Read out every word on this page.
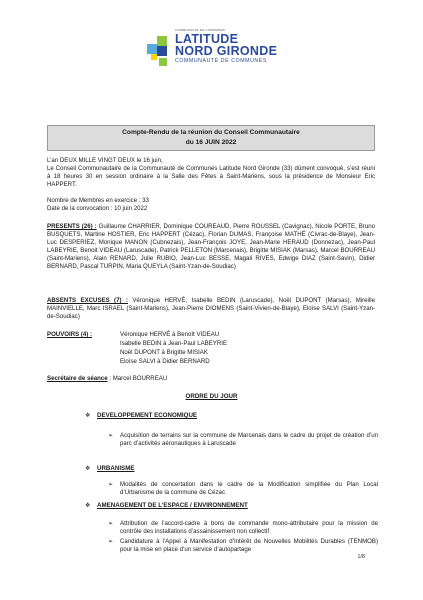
COMMUNAUTÉ DE COMMUNES
LATITUDE
NORD GIRONDE
COMMUNAUTÉ DE COMMUNES
Compte-Rendu de la réunion du Conseil Communautaire
du 16 JUIN 2022
L’an DEUX MILLE VINGT DEUX le 16 juin,
Le Conseil Communautaire de la Communauté de Communes Latitude Nord Gironde (33) dûment convoqué, s’est réuni à 18 heures 30 en session ordinaire à la Salle des Fêtes à Saint-Mariens, sous la présidence de Monsieur Eric HAPPERT.
Nombre de Membres en exercice : 33
Date de la convocation : 10 juin 2022
PRESENTS (26) : Guillaume CHARRIER, Dominique COUREAUD, Pierre ROUSSEL (Cavignac), Nicole PORTE, Bruno BUSQUETS, Martine HOSTIER, Eric HAPPERT (Cézac), Florian DUMAS, Françoise MATHÉ (Civrac-de-Blaye), Jean-Luc DESPERIEZ, Monique MANON (Cubnezais), Jean-François JOYE, Jean-Marie HERAUD (Donnezac), Jean-Paul LABEYRIE, Benoit VIDEAU (Laruscade), Patrick PELLETON (Marcenais), Brigitte MISIAK (Marsas), Marcel BOURREAU (Saint-Mariens), Alain RENARD, Julie RUBIO, Jean-Luc BESSE, Magali RIVES, Edwige DIAZ (Saint-Savin), Didier BERNARD, Pascal TURPIN, Maria QUEYLA (Saint-Yzan-de-Soudiac)
ABSENTS EXCUSES (7) : Véronique HERVÉ, Isabelle BEDIN (Laruscade), Noël DUPONT (Marsas), Mireille MAINVIELLE, Marc ISRAEL (Saint-Mariens), Jean-Pierre DIOMENS (Saint-Vivien-de-Blaye), Eloïse SALVI (Saint-Yzan-de-Soudiac)
POUVOIRS (4) :	Véronique HERVÉ à Benoît VIDEAU
Isabelle BEDIN à Jean-Paul LABEYRIE
Noël DUPONT à Brigitte MISIAK
Eloïse SALVI à Didier BERNARD
Secrétaire de séance : Marcel BOURREAU
ORDRE DU JOUR
❖ DEVELOPPEMENT ECONOMIQUE
➢ Acquisition de terrains sur la commune de Marcenais dans le cadre du projet de création d’un parc d’activités aéronautiques à Laruscade
❖ URBANISME
➢ Modalités de concertation dans le cadre de la Modification simplifiée du Plan Local d’Urbanisme de la commune de Cézac
❖ AMENAGEMENT DE L’ESPACE / ENVIRONNEMENT
➢ Attribution de l’accord-cadre à bons de commande mono-attributaire pour la mission de contrôle des installations d’assainissement non collectif
➢ Candidature à l’Appel à Manifestation d’Intérêt de Nouvelles Mobilités Durables (TENMOB) pour la mise en place d’un service d’autopartage
1/8
